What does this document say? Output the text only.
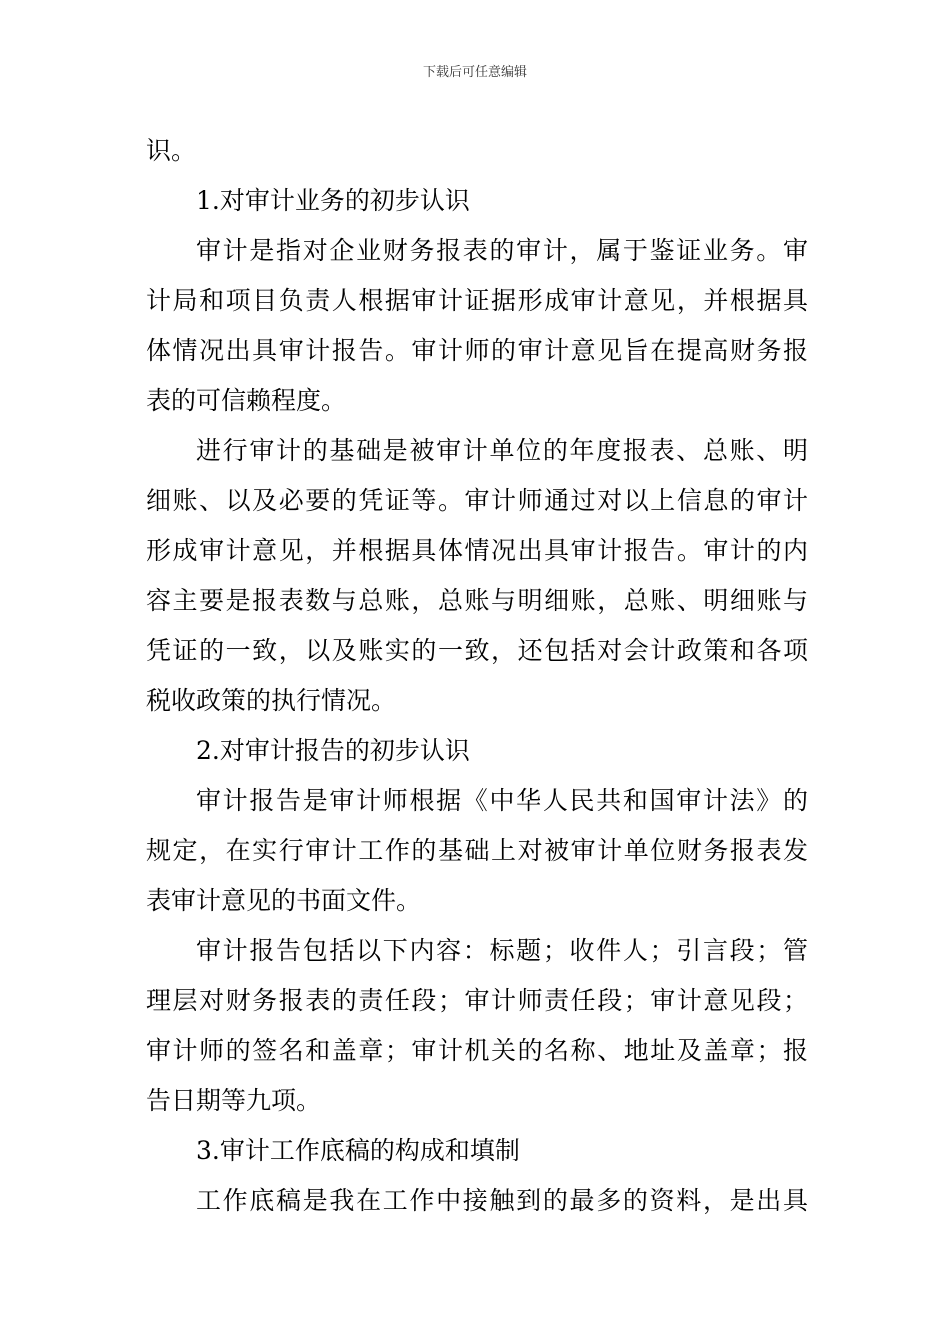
下载后可任意编辑
识。
1.对审计业务的初步认识
审计是指对企业财务报表的审计，属于鉴证业务。审
计局和项目负责人根据审计证据形成审计意见，并根据具
体情况出具审计报告。审计师的审计意见旨在提高财务报
表的可信赖程度。
进行审计的基础是被审计单位的年度报表、总账、明
细账、以及必要的凭证等。审计师通过对以上信息的审计
形成审计意见，并根据具体情况出具审计报告。审计的内
容主要是报表数与总账，总账与明细账，总账、明细账与
凭证的一致，以及账实的一致，还包括对会计政策和各项
税收政策的执行情况。
2.对审计报告的初步认识
审计报告是审计师根据《中华人民共和国审计法》的
规定，在实行审计工作的基础上对被审计单位财务报表发
表审计意见的书面文件。
审计报告包括以下内容：标题；收件人；引言段；管
理层对财务报表的责任段；审计师责任段；审计意见段；
审计师的签名和盖章；审计机关的名称、地址及盖章；报
告日期等九项。
3.审计工作底稿的构成和填制
工作底稿是我在工作中接触到的最多的资料，是出具
